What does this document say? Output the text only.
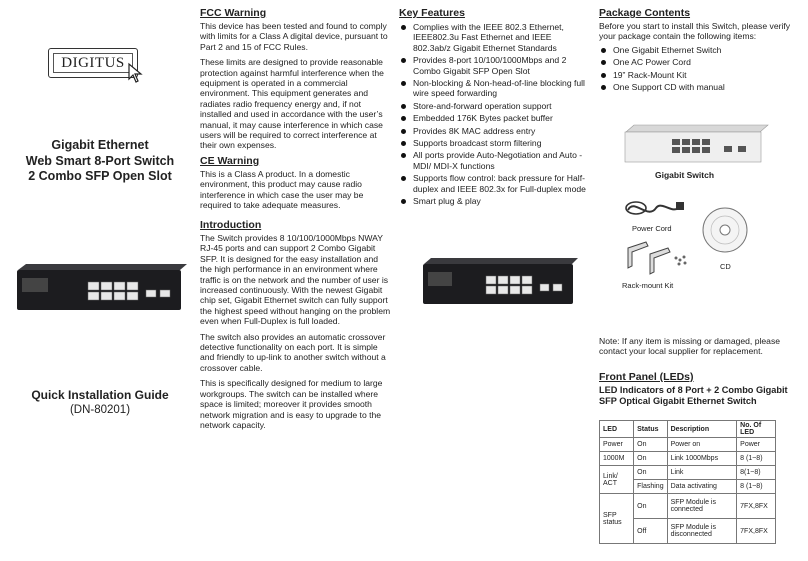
DIGITUS
Gigabit Ethernet
Web Smart 8-Port Switch
2 Combo SFP Open Slot
Quick Installation Guide
(DN-80201)
FCC Warning

This device has been tested and found to comply with limits for a Class A digital device, pursuant to Part 2 and 15 of FCC Rules.

These limits are designed to provide reasonable protection against harmful interference when the equipment is operated in a commercial environment. This equipment generates and radiates radio frequency energy and, if not installed and used in accordance with the user’s manual, it may cause interference in which case users will be required to correct interference at their own expenses.

CE Warning

This is a Class A product. In a domestic environment, this product may cause radio interference in which case the user may be required to take adequate measures.

Introduction

The Switch provides 8 10/100/1000Mbps NWAY RJ-45 ports and can support 2 Combo Gigabit SFP. It is designed for the easy installation and the high performance in an environment where traffic is on the network and the number of user is increased continuously. With the newest Gigabit chip set, Gigabit Ethernet switch can fully support the highest speed without hanging on the problem even when Full-Duplex is full loaded.

The switch also provides an automatic crossover detective functionality on each port. It is simple and friendly to up-link to another switch without a crossover cable.

This is specifically designed for medium to large workgroups. The switch can be installed where space is limited; moreover it provides smooth network migration and is easy to upgrade to the network capacity.

Key Features
Complies with the IEEE 802.3 Ethernet, IEEE802.3u Fast Ethernet and IEEE 802.3ab/z Gigabit Ethernet Standards
Provides 8-port 10/100/1000Mbps and 2 Combo Gigabit SFP Open Slot
Non-blocking & Non-head-of-line blocking full wire speed forwarding
Store-and-forward operation support
Embedded 176K Bytes packet buffer
Provides 8K MAC address entry
Supports broadcast storm filtering
All ports provide Auto-Negotiation and Auto -MDI/ MDI-X functions
Supports flow control: back pressure for Half-duplex and IEEE 802.3x for Full-duplex mode
Smart plug & play
Package Contents
Before you start to install this Switch, please verify your package contain the following items:
One Gigabit Ethernet Switch
One AC Power Cord
19” Rack-Mount Kit
One Support CD with manual
Gigabit Switch
Power Cord
CD
Rack-mount Kit
Note: If any item is missing or damaged, please contact your local supplier for replacement.
Front Panel (LEDs)
LED Indicators of 8 Port + 2 Combo Gigabit SFP Optical Gigabit Ethernet Switch
LED	Status	Description	No. Of LED
Power	On	Power on	Power
1000M	On	Link 1000Mbps	8 (1~8)
Link/ ACT	On	Link	8(1~8)
	Flashing	Data activating	8 (1~8)
SFP status	On	SFP Module is connected	7FX,8FX
	Off	SFP Module is disconnected	7FX,8FX
